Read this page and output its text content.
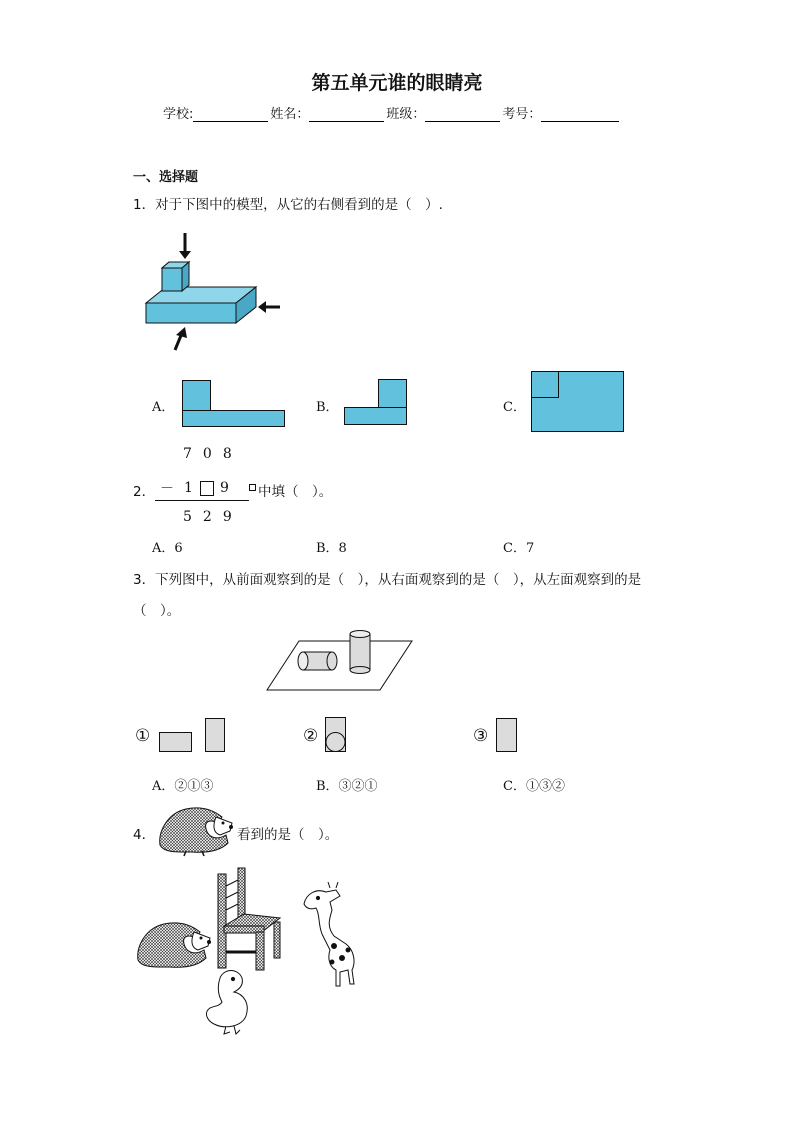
第五单元谁的眼睛亮
学校:	姓名：	班级：	考号：
一、选择题
1．对于下图中的模型，从它的右侧看到的是（　）.
A．	B．	C．
7 0 8
2． － 1	9 中填（　）。
5 2 9
A．6	B．8	C．7
3．下列图中，从前面观察到的是（　），从右面观察到的是（　），从左面观察到的是
（　）。
①	②	③
A．②①③	B．③②①	C．①③②
4．	看到的是（　）。
